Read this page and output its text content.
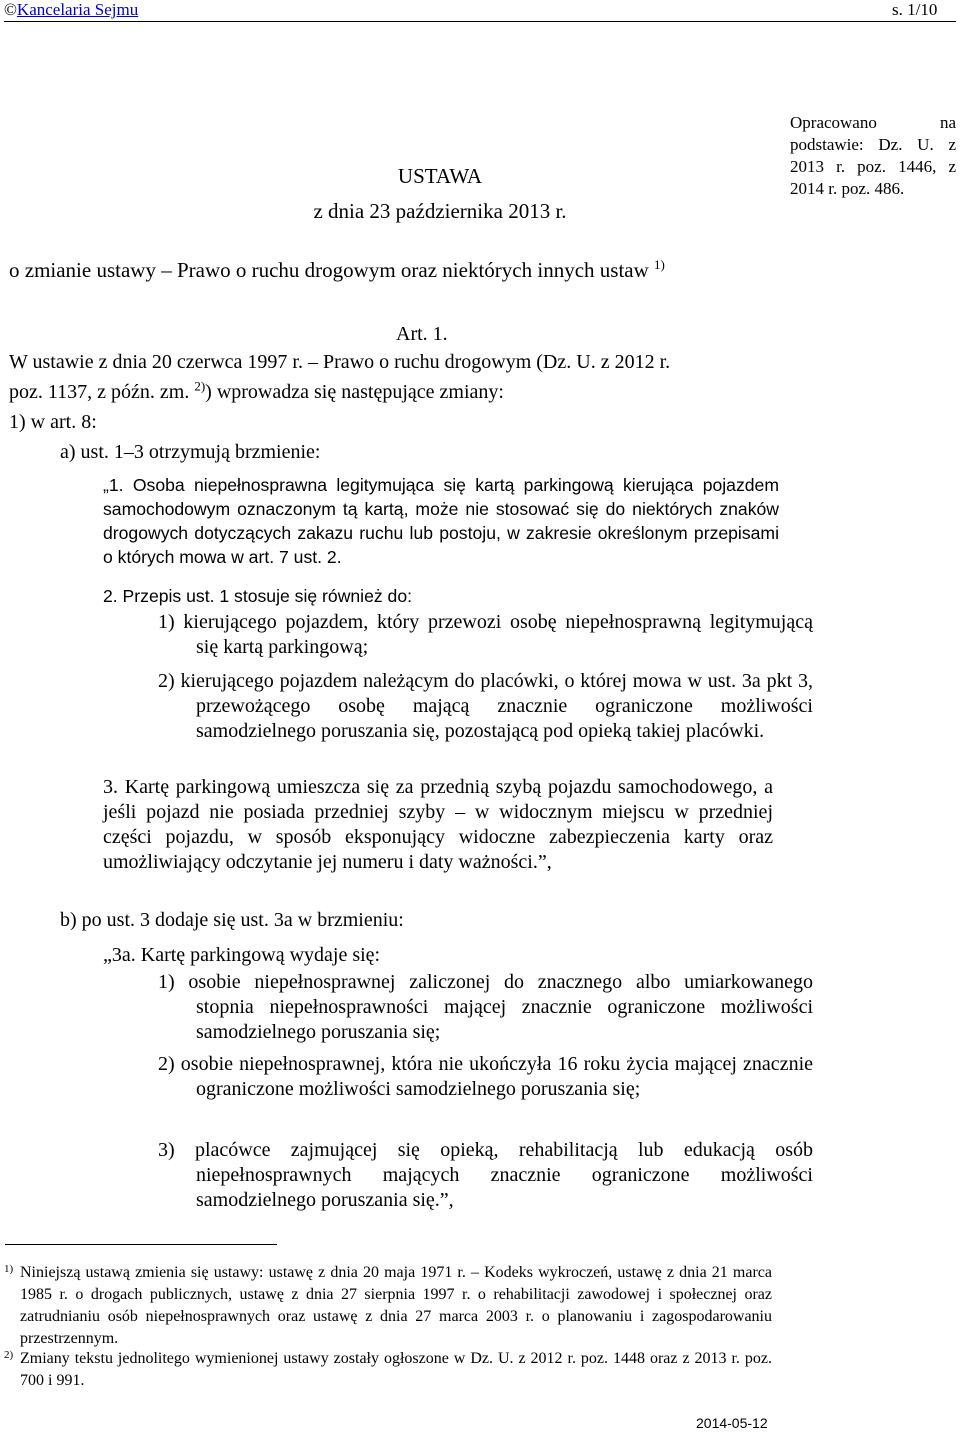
© Kancelaria Sejmu	s. 1/10
Opracowano na
podstawie: Dz. U. z
2013 r. poz. 1446, z
2014 r. poz. 486.
USTAWA
z dnia 23 października 2013 r.
o zmianie ustawy – Prawo o ruchu drogowym oraz niektórych innych ustaw $^{1)}$
Art. 1.
W ustawie z dnia 20 czerwca 1997 r. – Prawo o ruchu drogowym (Dz. U. z 2012 r.
poz. 1137, z późn. zm. $^{2)}$) wprowadza się następujące zmiany:
1) w art. 8:
a) ust. 1–3 otrzymują brzmienie:
„1. Osoba niepełnosprawna legitymująca się kartą parkingową kierująca pojazdem samochodowym oznaczonym tą kartą, może nie stosować się do niektórych znaków drogowych dotyczących zakazu ruchu lub postoju, w zakresie określonym przepisami o których mowa w art. 7 ust. 2.
2. Przepis ust. 1 stosuje się również do:
1) kierującego pojazdem, który przewozi osobę niepełnosprawną legitymującą się kartą parkingową;
2) kierującego pojazdem należącym do placówki, o której mowa w ust. 3a pkt 3, przewożącego osobę mającą znacznie ograniczone możliwości samodzielnego poruszania się, pozostającą pod opieką takiej placówki.
3. Kartę parkingową umieszcza się za przednią szybą pojazdu samochodowego, a jeśli pojazd nie posiada przedniej szyby – w widocznym miejscu w przedniej części pojazdu, w sposób eksponujący widoczne zabezpieczenia karty oraz umożliwiający odczytanie jej numeru i daty ważności.”,
b) po ust. 3 dodaje się ust. 3a w brzmieniu:
„3a. Kartę parkingową wydaje się:
1) osobie niepełnosprawnej zaliczonej do znacznego albo umiarkowanego stopnia niepełnosprawności mającej znacznie ograniczone możliwości samodzielnego poruszania się;
2) osobie niepełnosprawnej, która nie ukończyła 16 roku życia mającej znacznie ograniczone możliwości samodzielnego poruszania się;
3) placówce zajmującej się opieką, rehabilitacją lub edukacją osób niepełnosprawnych mających znacznie ograniczone możliwości samodzielnego poruszania się.”,
1) Niniejszą ustawą zmienia się ustawy: ustawę z dnia 20 maja 1971 r. – Kodeks wykroczeń, ustawę z dnia 21 marca 1985 r. o drogach publicznych, ustawę z dnia 27 sierpnia 1997 r. o rehabilitacji zawodowej i społecznej oraz zatrudnianiu osób niepełnosprawnych oraz ustawę z dnia 27 marca 2003 r. o planowaniu i zagospodarowaniu przestrzennym.
2) Zmiany tekstu jednolitego wymienionej ustawy zostały ogłoszone w Dz. U. z 2012 r. poz. 1448 oraz z 2013 r. poz. 700 i 991.
2014-05-12
